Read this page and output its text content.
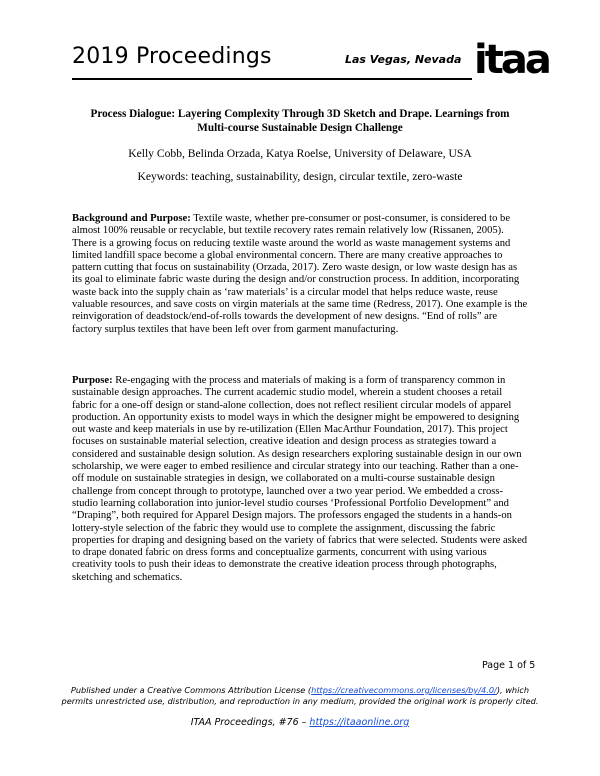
2019 Proceedings	Las Vegas, Nevada itaa
Process Dialogue: Layering Complexity Through 3D Sketch and Drape. Learnings from
Multi-course Sustainable Design Challenge
Kelly Cobb, Belinda Orzada, Katya Roelse, University of Delaware, USA
Keywords: teaching, sustainability, design, circular textile, zero-waste
Background and Purpose: Textile waste, whether pre-consumer or post-consumer, is considered to be almost 100% reusable or recyclable, but textile recovery rates remain relatively low (Rissanen, 2005). There is a growing focus on reducing textile waste around the world as waste management systems and limited landfill space become a global environmental concern. There are many creative approaches to pattern cutting that focus on sustainability (Orzada, 2017). Zero waste design, or low waste design has as its goal to eliminate fabric waste during the design and/or construction process. In addition, incorporating waste back into the supply chain as ‘raw materials’ is a circular model that helps reduce waste, reuse valuable resources, and save costs on virgin materials at the same time (Redress, 2017). One example is the reinvigoration of deadstock/end-of-rolls towards the development of new designs. “End of rolls” are factory surplus textiles that have been left over from garment manufacturing.
Purpose: Re-engaging with the process and materials of making is a form of transparency common in sustainable design approaches. The current academic studio model, wherein a student chooses a retail fabric for a one-off design or stand-alone collection, does not reflect resilient circular models of apparel production. An opportunity exists to model ways in which the designer might be empowered to designing out waste and keep materials in use by re-utilization (Ellen MacArthur Foundation, 2017). This project focuses on sustainable material selection, creative ideation and design process as strategies toward a considered and sustainable design solution. As design researchers exploring sustainable design in our own scholarship, we were eager to embed resilience and circular strategy into our teaching. Rather than a one-off module on sustainable strategies in design, we collaborated on a multi-course sustainable design challenge from concept through to prototype, launched over a two year period. We embedded a cross-studio learning collaboration into junior-level studio courses ‘Professional Portfolio Development” and “Draping”, both required for Apparel Design majors. The professors engaged the students in a hands-on lottery-style selection of the fabric they would use to complete the assignment, discussing the fabric properties for draping and designing based on the variety of fabrics that were selected. Students were asked to drape donated fabric on dress forms and conceptualize garments, concurrent with using various creativity tools to push their ideas to demonstrate the creative ideation process through photographs, sketching and schematics.
Page 1 of 5
Published under a Creative Commons Attribution License (https://creativecommons.org/licenses/by/4.0/), which permits unrestricted use, distribution, and reproduction in any medium, provided the original work is properly cited.
ITAA Proceedings, #76 – https://itaaonline.org
